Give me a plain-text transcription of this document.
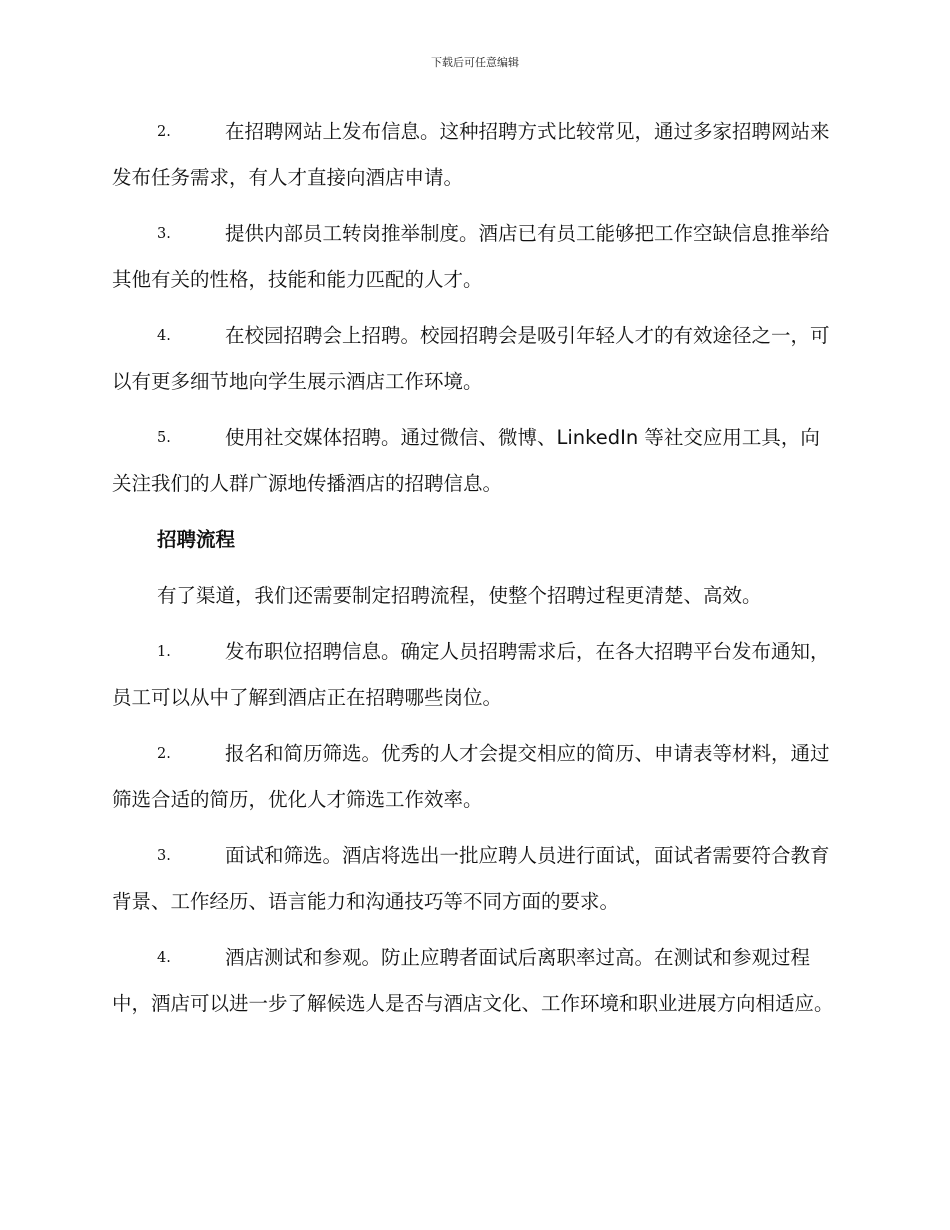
下载后可任意编辑

2.	在招聘网站上发布信息。这种招聘方式比较常见，通过多家招聘网站来发布任务需求，有人才直接向酒店申请。

3.	提供内部员工转岗推举制度。酒店已有员工能够把工作空缺信息推举给其他有关的性格，技能和能力匹配的人才。

4.	在校园招聘会上招聘。校园招聘会是吸引年轻人才的有效途径之一，可以有更多细节地向学生展示酒店工作环境。

5.	使用社交媒体招聘。通过微信、微博、LinkedIn 等社交应用工具，向关注我们的人群广源地传播酒店的招聘信息。

招聘流程

有了渠道，我们还需要制定招聘流程，使整个招聘过程更清楚、高效。

1.	发布职位招聘信息。确定人员招聘需求后，在各大招聘平台发布通知，员工可以从中了解到酒店正在招聘哪些岗位。

2.	报名和简历筛选。优秀的人才会提交相应的简历、申请表等材料，通过筛选合适的简历，优化人才筛选工作效率。

3.	面试和筛选。酒店将选出一批应聘人员进行面试，面试者需要符合教育背景、工作经历、语言能力和沟通技巧等不同方面的要求。

4.	酒店测试和参观。防止应聘者面试后离职率过高。在测试和参观过程中，酒店可以进一步了解候选人是否与酒店文化、工作环境和职业进展方向相适应。
